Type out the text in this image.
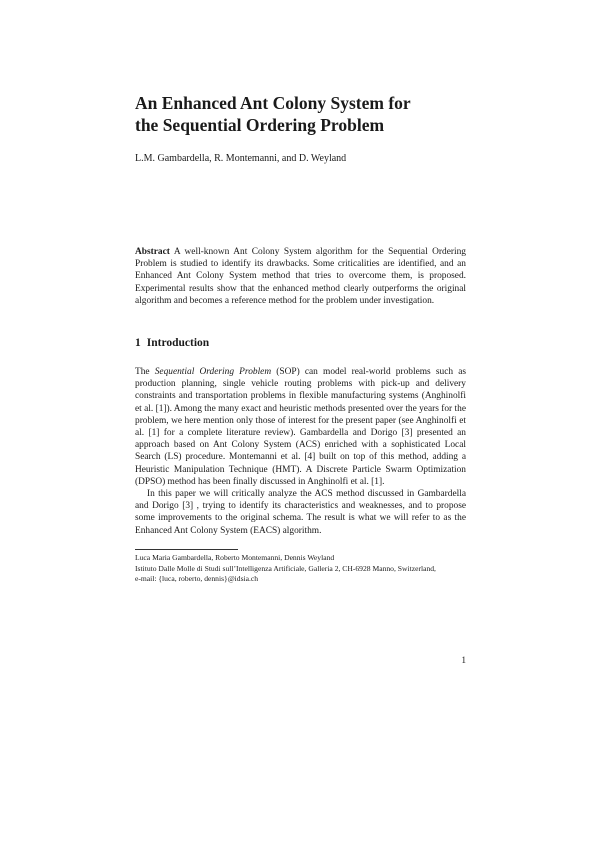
An Enhanced Ant Colony System for
the Sequential Ordering Problem
L.M. Gambardella, R. Montemanni, and D. Weyland
Abstract A well-known Ant Colony System algorithm for the Sequential Ordering Problem is studied to identify its drawbacks. Some criticalities are identified, and an Enhanced Ant Colony System method that tries to overcome them, is proposed. Experimental results show that the enhanced method clearly outperforms the original algorithm and becomes a reference method for the problem under investigation.
1 Introduction

The Sequential Ordering Problem (SOP) can model real-world problems such as production planning, single vehicle routing problems with pick-up and delivery constraints and transportation problems in flexible manufacturing systems (Anghinolfi et al. [1]). Among the many exact and heuristic methods presented over the years for the problem, we here mention only those of interest for the present paper (see Anghinolfi et al. [1] for a complete literature review). Gambardella and Dorigo [3] presented an approach based on Ant Colony System (ACS) enriched with a sophisticated Local Search (LS) procedure. Montemanni et al. [4] built on top of this method, adding a Heuristic Manipulation Technique (HMT). A Discrete Particle Swarm Optimization (DPSO) method has been finally discussed in Anghinolfi et al. [1].

In this paper we will critically analyze the ACS method discussed in Gambardella and Dorigo [3] , trying to identify its characteristics and weaknesses, and to propose some improvements to the original schema. The result is what we will refer to as the Enhanced Ant Colony System (EACS) algorithm.

Luca Maria Gambardella, Roberto Montemanni, Dennis Weyland
Istituto Dalle Molle di Studi sull’Intelligenza Artificiale, Galleria 2, CH-6928 Manno, Switzerland,
e-mail: {luca, roberto, dennis}@idsia.ch
1
